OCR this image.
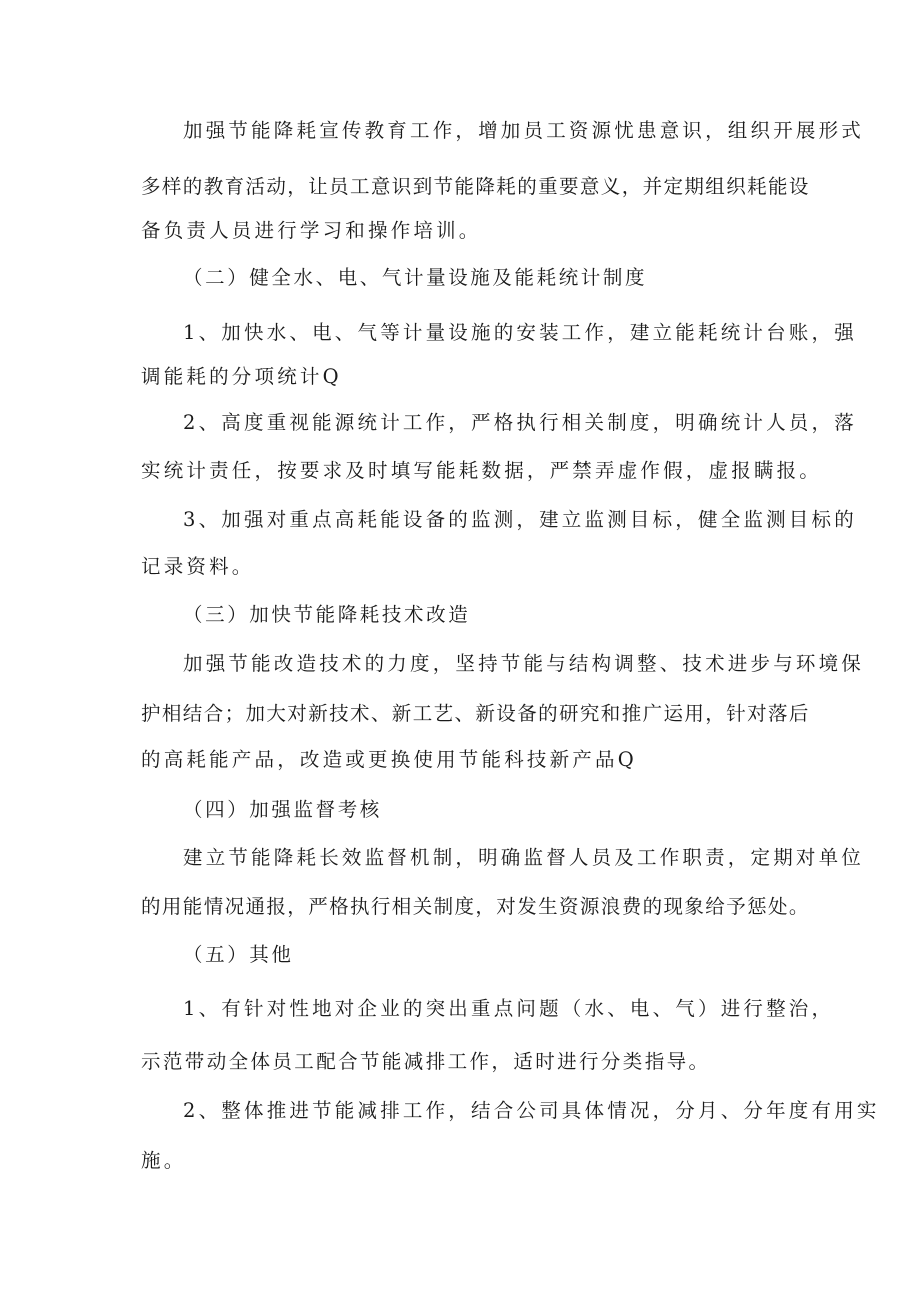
加强节能降耗宣传教育工作，增加员工资源忧患意识，组织开展形式
多样的教育活动，让员工意识到节能降耗的重要意义，并定期组织耗能设
备负责人员进行学习和操作培训。
（二）健全水、电、气计量设施及能耗统计制度
1、加快水、电、气等计量设施的安装工作，建立能耗统计台账，强
调能耗的分项统计Q
2、高度重视能源统计工作，严格执行相关制度，明确统计人员，落
实统计责任，按要求及时填写能耗数据，严禁弄虚作假，虚报瞒报。
3、加强对重点高耗能设备的监测，建立监测目标，健全监测目标的
记录资料。
（三）加快节能降耗技术改造
加强节能改造技术的力度，坚持节能与结构调整、技术进步与环境保
护相结合；加大对新技术、新工艺、新设备的研究和推广运用，针对落后
的高耗能产品，改造或更换使用节能科技新产品Q
（四）加强监督考核
建立节能降耗长效监督机制，明确监督人员及工作职责，定期对单位
的用能情况通报，严格执行相关制度，对发生资源浪费的现象给予惩处。
（五）其他
1、有针对性地对企业的突出重点问题（水、电、气）进行整治，
示范带动全体员工配合节能减排工作，适时进行分类指导。
2、整体推进节能减排工作，结合公司具体情况，分月、分年度有用实
施。
